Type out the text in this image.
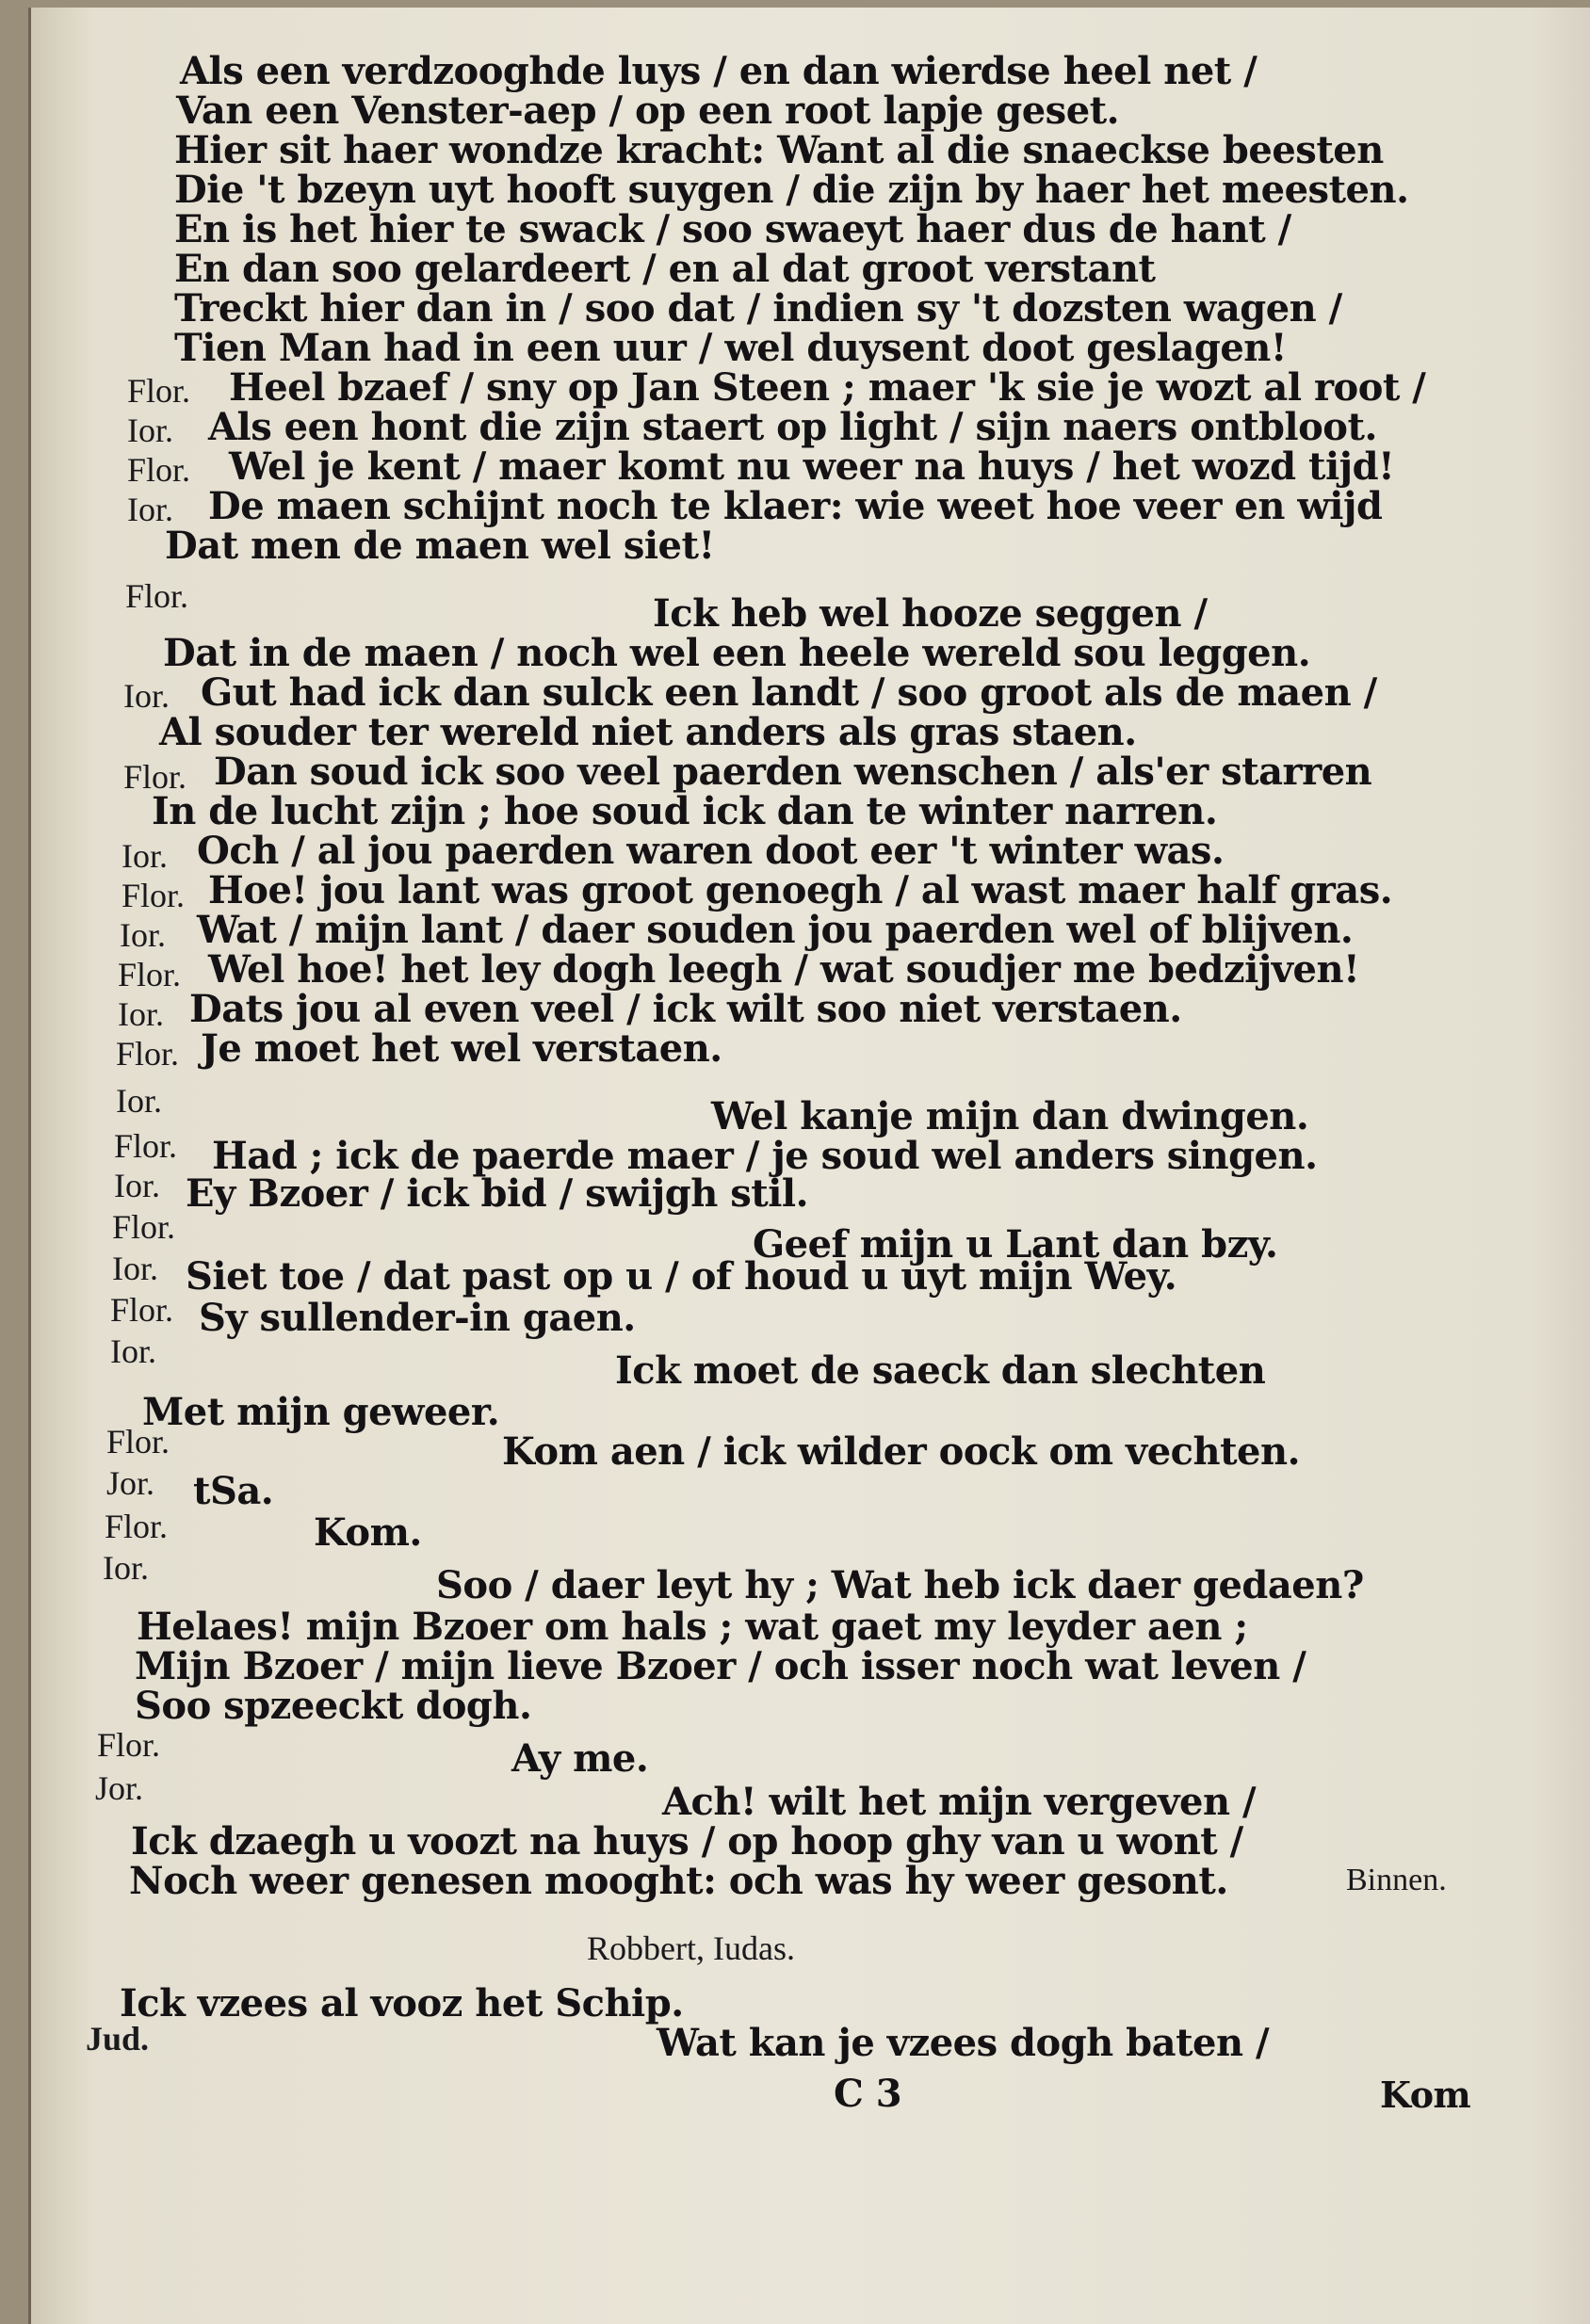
Als een verdzooghde luys / en dan wierdse heel net /
Van een Venster-aep / op een root lapje geset.
Hier sit haer wondze kracht: Want al die snaeckse beesten
Die 't bzeyn uyt hooft suygen / die zijn by haer het meesten.
En is het hier te swack / soo swaeyt haer dus de hant /
En dan soo gelardeert / en al dat groot verstant
Treckt hier dan in / soo dat / indien sy 't dozsten wagen /
Tien Man had in een uur / wel duysent doot geslagen!
Flor. Heel bzaef / sny op Jan Steen ; maer 'k sie je wozt al root /
Ior. Als een hont die zijn staert op light / sijn naers ontbloot.
Flor. Wel je kent / maer komt nu weer na huys / het wozd tijd!
Ior. De maen schijnt noch te klaer: wie weet hoe veer en wijd
Dat men de maen wel siet!
Flor.	Ick heb wel hooze seggen /
Dat in de maen / noch wel een heele wereld sou leggen.
Ior. Gut had ick dan sulck een landt / soo groot als de maen /
Al souder ter wereld niet anders als gras staen.
Flor. Dan soud ick soo veel paerden wenschen / als'er starren
In de lucht zijn ; hoe soud ick dan te winter narren.
Ior. Och / al jou paerden waren doot eer 't winter was.
Flor. Hoe! jou lant was groot genoegh / al wast maer half gras.
Ior. Wat / mijn lant / daer souden jou paerden wel of blijven.
Flor. Wel hoe! het ley dogh leegh / wat soudjer me bedzijven!
Ior. Dats jou al even veel / ick wilt soo niet verstaen.
Flor. Je moet het wel verstaen.
Ior.	Wel kanje mijn dan dwingen.
Flor. Had ; ick de paerde maer / je soud wel anders singen.
Ior. Ey Bzoer / ick bid / swijgh stil.
Flor.	Geef mijn u Lant dan bzy.
Ior. Siet toe / dat past op u / of houd u uyt mijn Wey.
Flor. Sy sullender-in gaen.
Ior.	Ick moet de saeck dan slechten
Met mijn geweer.
Flor.	Kom aen / ick wilder oock om vechten.
Jor. tSa.
Flor.	Kom.
Ior.	Soo / daer leyt hy ; Wat heb ick daer gedaen?
Helaes! mijn Bzoer om hals ; wat gaet my leyder aen ;
Mijn Bzoer / mijn lieve Bzoer / och isser noch wat leven /
Soo spzeeckt dogh.
Flor.	Ay me.
Jor.	Ach! wilt het mijn vergeven /
Ick dzaegh u voozt na huys / op hoop ghy van u wont /
Noch weer genesen mooght: och was hy weer gesont.	Binnen.
Robbert, Iudas.
Ick vzees al vooz het Schip.
Jud.	Wat kan je vzees dogh baten /
C 3	Kom
